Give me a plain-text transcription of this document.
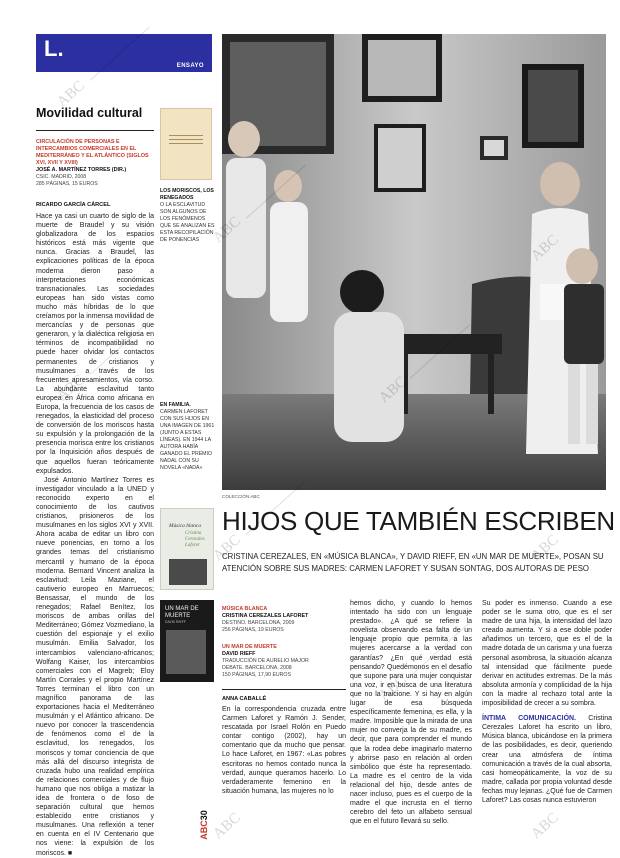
L.
ENSAYO
Movilidad cultural
CIRCULACIÓN DE PERSONAS E INTERCAMBIOS COMERCIALES EN EL MEDITERRÁNEO Y EL ATLÁNTICO (SIGLOS XVI, XVII Y XVIII)
JOSÉ A. MARTÍNEZ TORRES (DIR.)
CSIC. MADRID, 2008
285 PÁGINAS, 15 EUROS
RICARDO GARCÍA CÁRCEL

Hace ya casi un cuarto de siglo de la muerte de Braudel y su visión globalizadora de los espacios históricos está más vigente que nunca. Gracias a Braudel, las explicaciones políticas de la época moderna dieron paso a interpretaciones económicas transnacionales. Las sociedades europeas han sido vistas como mucho más híbridas de lo que creíamos por la inmensa movilidad de mercancías y de personas que generaron, y la dialéctica religiosa en términos de incompatibilidad no puede hacer olvidar los contactos permanentes de cristianos y musulmanes a través de los frecuentes apresamientos, vía corso. La abundante esclavitud tanto europea en África como africana en Europa, la frecuencia de los casos de renegados, la elasticidad del proceso de conversión de los moriscos hasta su expulsión y la prolongación de la presencia morisca entre los cristianos por la Inquisición años después de que aquellos fueran teóricamente expulsados.

José Antonio Martínez Torres es investigador vinculado a la UNED y reconocido experto en el conocimiento de los cautivos cristianos, prisioneros de los musulmanes en los siglos XVI y XVII. Ahora acaba de editar un libro con nueve ponencias, en torno a los grandes temas del cristianismo mercantil y humano de la época moderna. Bernard Vincent analiza la esclavitud: Leila Maziane, el cautiverio europeo en Marruecos; Bensassar, el mundo de los renegados; Rafael Benítez, los moriscos de ambas orillas del Mediterráneo; Gómez Vozmediano, la cuestión del espionaje y el exilio musulmán. Emilia Salvador, los intercambios valenciano-africanos; Wolfang Kaiser, los intercambios comerciales con el Magreb; Eloy Martín Corrales y el propio Martínez Torres terminan el libro con un magnífico panorama de las exportaciones hacia el Mediterráneo musulmán y el Atlántico africano. De nuevo por conocer la trascendencia de fenómenos como el de la esclavitud, los renegados, los moriscos y tomar conciencia de que más allá del discurso integrista de cruzada hubo una realidad empírica de relaciones comerciales y de flujo humano que nos obliga a matizar la idea de frontera o de foso de separación cultural que hemos establecido entre cristianos y musulmanes. Una reflexión a tener en cuenta en el IV Centenario que nos viene: la expulsión de los moriscos. ■

LOS MORISCOS, LOS RENEGADOS
O LA ESCLAVITUD SON ALGUNOS DE LOS FENÓMENOS QUE SE ANALIZAN ES ESTA RECOPILACIÓN DE PONENCIAS
EN FAMILIA.
CARMEN LAFORET CON SUS HIJOS EN UNA IMAGEN DE 1961 (JUNTO A ESTAS LÍNEAS). EN 1944 LA AUTORA HABÍA GANADO EL PREMIO NADAL CON SU NOVELA «NADA»
COLECCIÓN ABC
HIJOS QUE TAMBIÉN ESCRIBEN
CRISTINA CEREZALES, EN «MÚSICA BLANCA», Y DAVID RIEFF, EN «UN MAR DE MUERTE», POSAN SU ATENCIÓN SOBRE SUS MADRES: CARMEN LAFORET Y SUSAN SONTAG, DOS AUTORAS DE PESO
Música blanca
Cristina Cerezales Laforet
UN MAR DE MUERTE
DAVID RIEFF
MÚSICA BLANCA
CRISTINA CEREZALES LAFORET
DESTINO. BARCELONA, 2009
256 PÁGINAS, 19 EUROS
UN MAR DE MUERTE
DAVID RIEFF
TRADUCCIÓN DE AURELIO MAJOR
DEBATE. BARCELONA, 2008
150 PÁGINAS, 17,90 EUROS
ANNA CABALLÉ
En la correspondencia cruzada entre Carmen Laforet y Ramón J. Sender, rescatada por Israel Rolón en Puedo contar contigo (2002), hay un comentario que da mucho que pensar. Lo hace Laforet, en 1967: «Las pobres escritoras no hemos contado nunca la verdad, aunque queramos hacerlo. Lo verdaderamente femenino en la situación humana, las mujeres no lo
hemos dicho, y cuando lo hemos intentado ha sido con un lenguaje prestado». ¿A qué se refiere la novelista observando esa falta de un lenguaje propio que permita a las mujeres acercarse a la verdad con garantías? ¿En qué verdad está pensando? Quedémonos en el desafío que supone para una mujer conquistar una voz, ir en busca de una literatura que no la traicione. Y si hay en algún lugar de esa búsqueda específicamente femenina, es ella, y la madre. Imposible que la mirada de una mujer no converja la de su madre, es decir, que para comprender el mundo que la rodea debe imaginarlo materno y abrirse paso en relación al orden simbólico que éste ha representado. La madre es el centro de la vida relacional del hijo, desde antes de nacer incluso, pues es el cuerpo de la madre el que incrusta en el tierno cerebro del feto un alfabeto sensual que en el futuro llevará su sello.

Su poder es inmenso. Cuando a ese poder se le suma otro, que es el ser madre de una hija, la intensidad del lazo creado aumenta. Y si a ese doble poder añadimos un tercero, que es el de la madre dotada de un carisma y una fuerza personal asombrosa, la situación alcanza tal intensidad que fácilmente puede derivar en actitudes extremas. De la más absoluta armonía y complicidad de la hija con la madre al rechazo total ante la imposibilidad de crecer a su sombra.

ÍNTIMA COMUNICACIÓN. Cristina Cerezales Laforet ha escrito un libro, Música blanca, ubicándose en la primera de las posibilidades, es decir, queriendo crear una atmósfera de íntima comunicación a través de la cual absorta, casi homeopáticamente, la voz de su madre, callada por propia voluntad desde fechas muy lejanas. ¿Qué fue de Carmen Laforet? Las cosas nunca estuvieron

ABC30
ABC
ABC
ABC
ABC
ABC
ABC	ABC
